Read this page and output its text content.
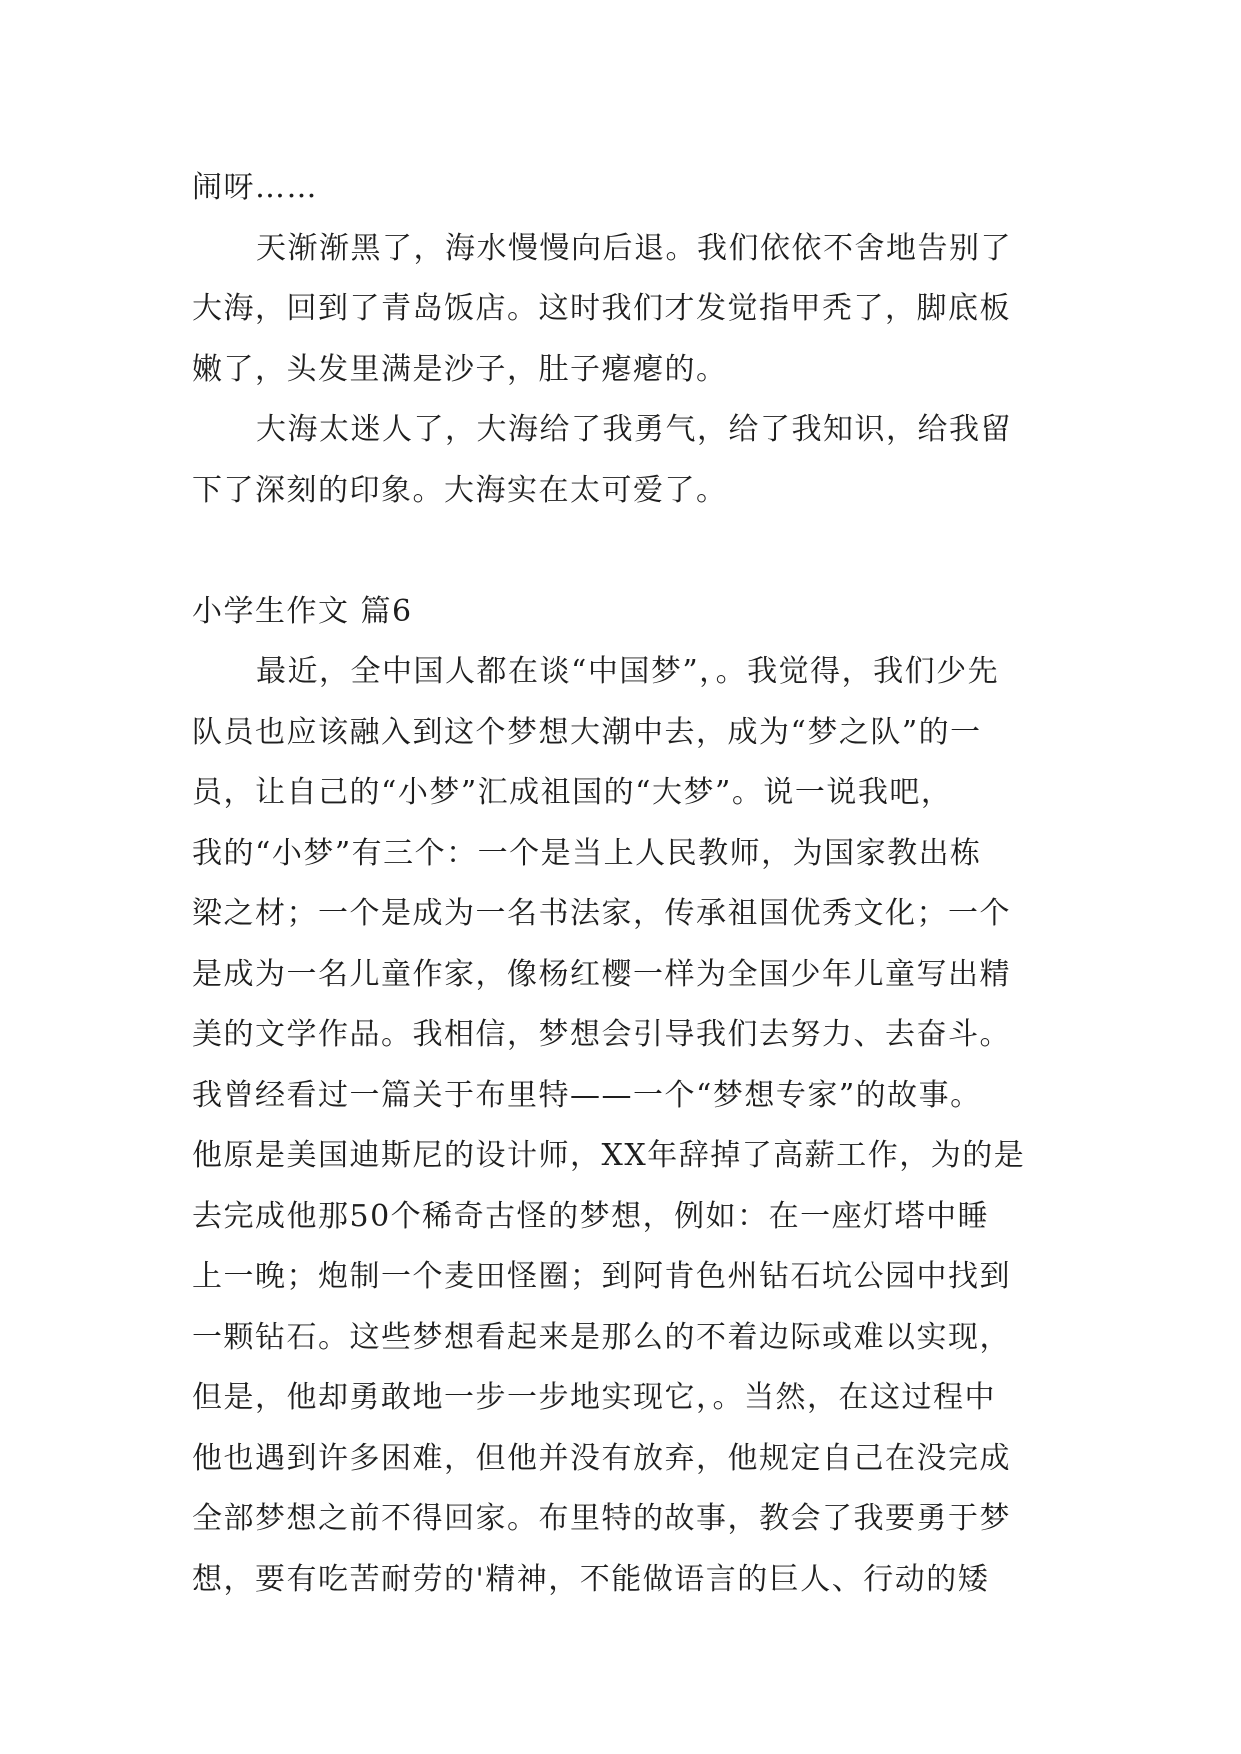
闹呀……
天渐渐黑了，海水慢慢向后退。我们依依不舍地告别了
大海，回到了青岛饭店。这时我们才发觉指甲秃了，脚底板
嫩了，头发里满是沙子，肚子瘪瘪的。
大海太迷人了，大海给了我勇气，给了我知识，给我留
下了深刻的印象。大海实在太可爱了。
小学生作文 篇6
最近，全中国人都在谈“中国梦”，。我觉得，我们少先
队员也应该融入到这个梦想大潮中去，成为“梦之队”的一
员，让自己的“小梦”汇成祖国的“大梦”。说一说我吧，
我的“小梦”有三个：一个是当上人民教师，为国家教出栋
梁之材；一个是成为一名书法家，传承祖国优秀文化；一个
是成为一名儿童作家，像杨红樱一样为全国少年儿童写出精
美的文学作品。我相信，梦想会引导我们去努力、去奋斗。
我曾经看过一篇关于布里特——一个“梦想专家”的故事。
他原是美国迪斯尼的设计师，XX年辞掉了高薪工作，为的是
去完成他那50个稀奇古怪的梦想，例如：在一座灯塔中睡
上一晚；炮制一个麦田怪圈；到阿肯色州钻石坑公园中找到
一颗钻石。这些梦想看起来是那么的不着边际或难以实现，
但是，他却勇敢地一步一步地实现它，。当然，在这过程中
他也遇到许多困难，但他并没有放弃，他规定自己在没完成
全部梦想之前不得回家。布里特的故事，教会了我要勇于梦
想，要有吃苦耐劳的'精神，不能做语言的巨人、行动的矮
